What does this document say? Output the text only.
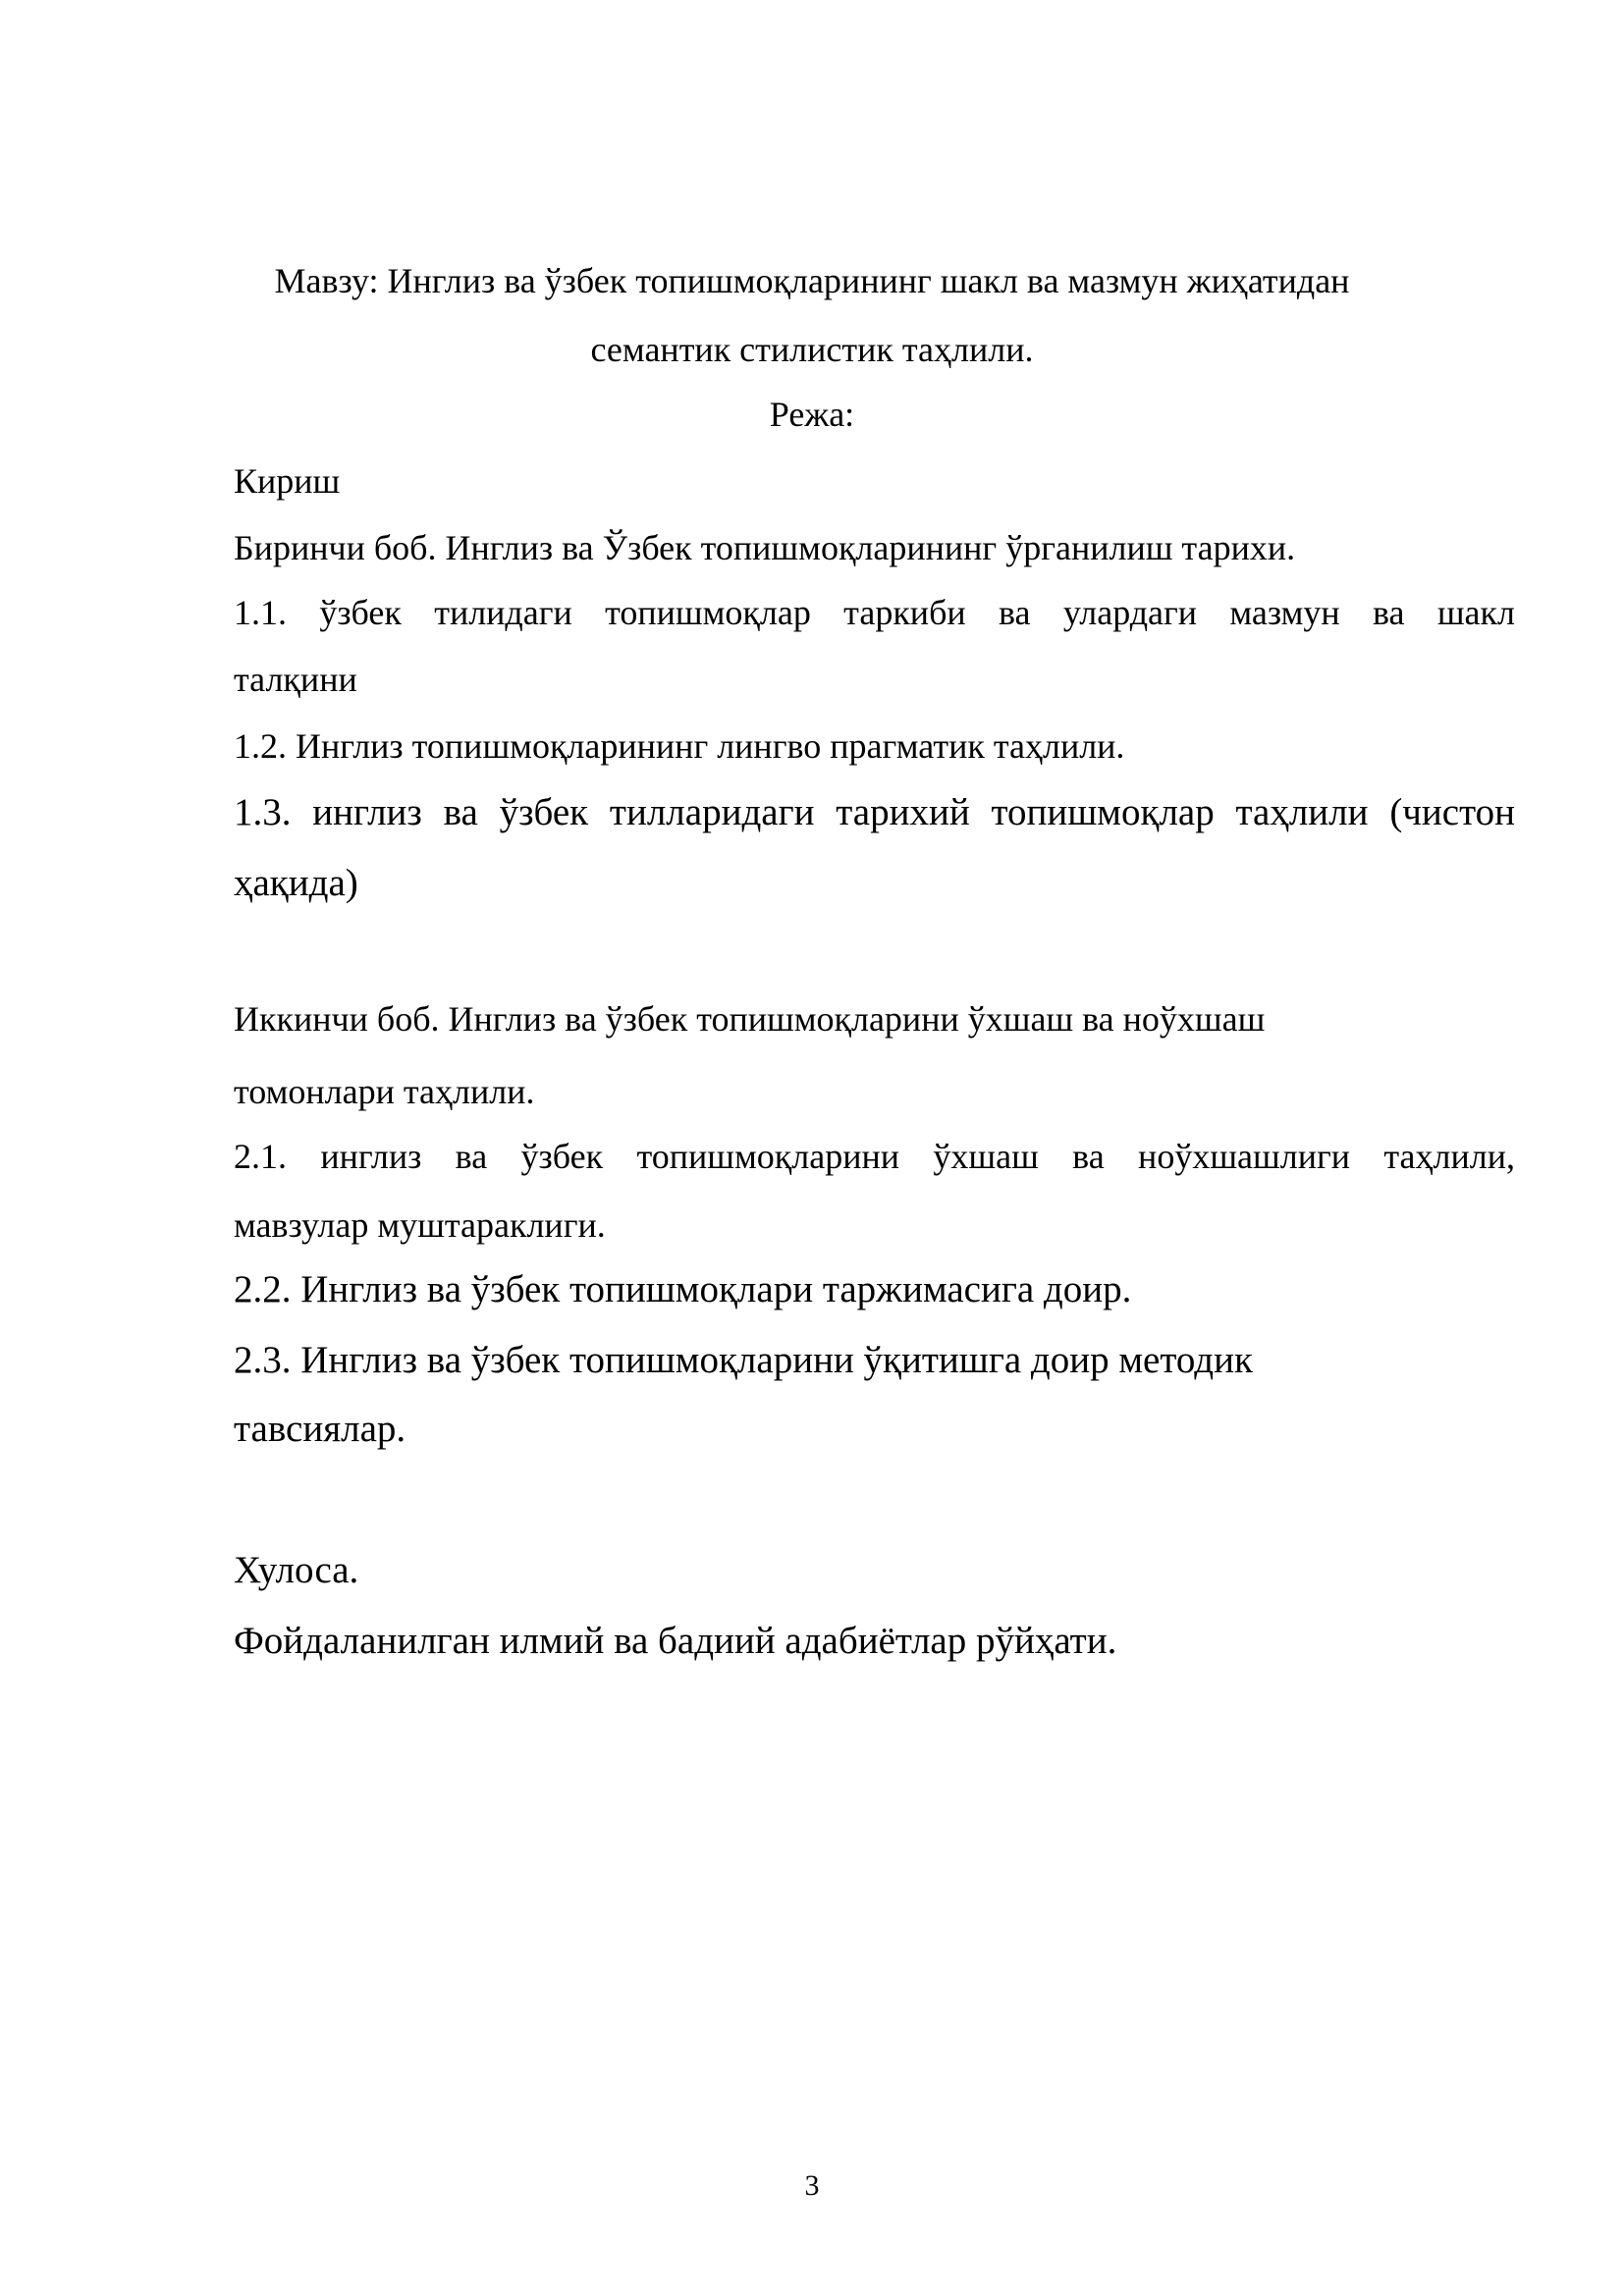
Мавзу: Инглиз ва ўзбек топишмоқларининг шакл ва мазмун жиҳатидан
семантик стилистик таҳлили.
Режа:
Кириш
Биринчи боб. Инглиз ва Ўзбек топишмоқларининг ўрганилиш тарихи.
1.1. ўзбек тилидаги топишмоқлар таркиби ва улардаги мазмун ва шакл
талқини
1.2. Инглиз топишмоқларининг лингво прагматик таҳлили.
1.3. инглиз ва ўзбек тилларидаги тарихий топишмоқлар таҳлили (чистон
ҳақида)
Иккинчи боб. Инглиз ва ўзбек топишмоқларини ўхшаш ва ноўхшаш
томонлари таҳлили.
2.1. инглиз ва ўзбек топишмоқларини ўхшаш ва ноўхшашлиги таҳлили,
мавзулар муштараклиги.
2.2. Инглиз ва ўзбек топишмоқлари таржимасига доир.
2.3. Инглиз ва ўзбек топишмоқларини ўқитишга доир методик
тавсиялар.
Хулоса.
Фойдаланилган илмий ва бадиий адабиётлар рўйҳати.
3
